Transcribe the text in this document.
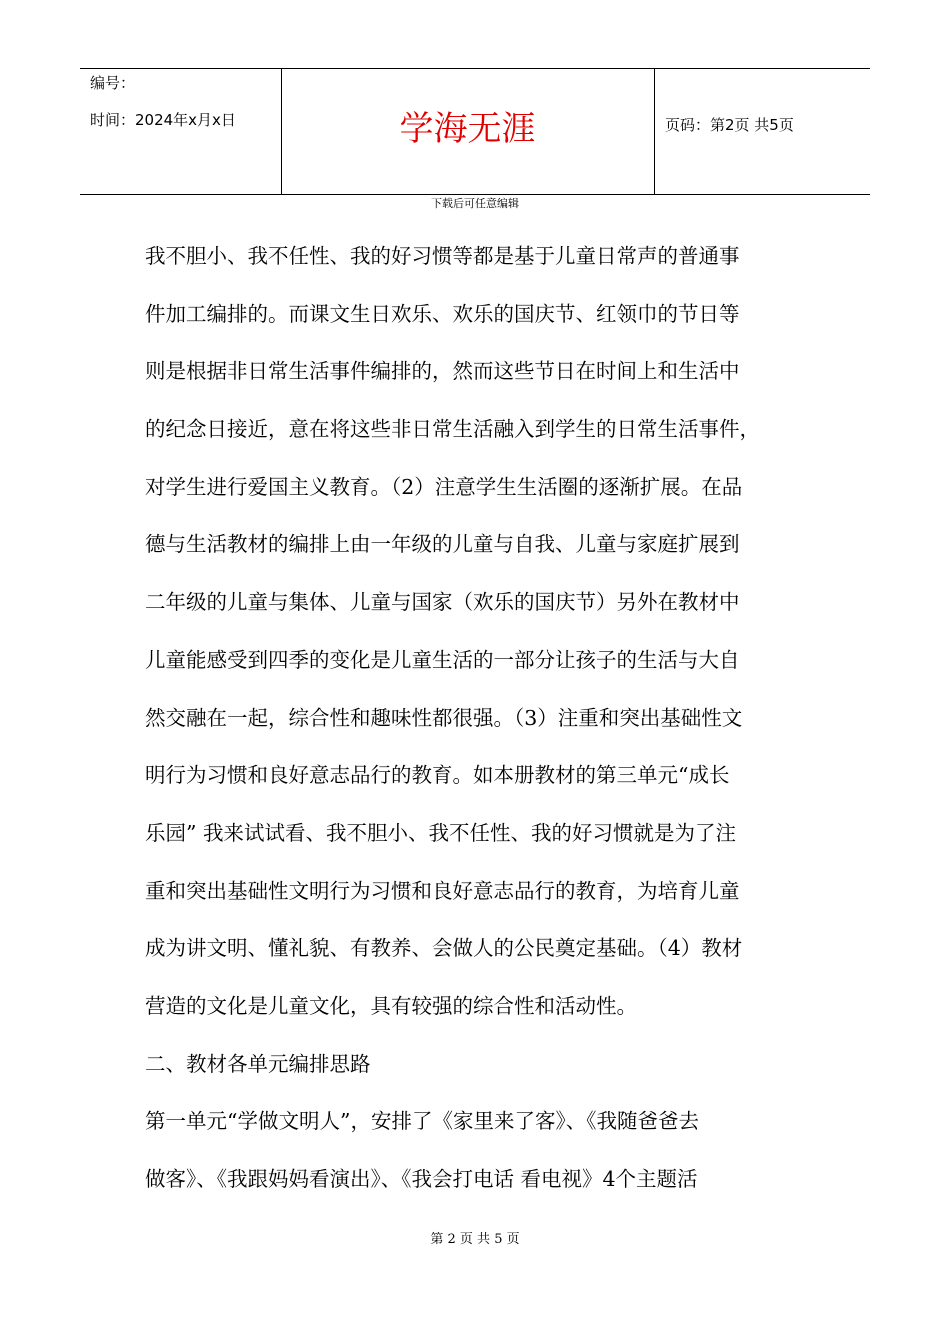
编号：
时间：2024年x月x日	学海无涯	页码：第2页 共5页
下载后可任意编辑
我不胆小、我不任性、我的好习惯等都是基于儿童日常声的普通事
件加工编排的。而课文生日欢乐、欢乐的国庆节、红领巾的节日等
则是根据非日常生活事件编排的，然而这些节日在时间上和生活中
的纪念日接近，意在将这些非日常生活融入到学生的日常生活事件，
对学生进行爱国主义教育。（2）注意学生生活圈的逐渐扩展。在品
德与生活教材的编排上由一年级的儿童与自我、儿童与家庭扩展到
二年级的儿童与集体、儿童与国家（欢乐的国庆节）另外在教材中
儿童能感受到四季的变化是儿童生活的一部分让孩子的生活与大自
然交融在一起，综合性和趣味性都很强。（3）注重和突出基础性文
明行为习惯和良好意志品行的教育。如本册教材的第三单元“成长
乐园” 我来试试看、我不胆小、我不任性、我的好习惯就是为了注
重和突出基础性文明行为习惯和良好意志品行的教育，为培育儿童
成为讲文明、懂礼貌、有教养、会做人的公民奠定基础。（4）教材
营造的文化是儿童文化，具有较强的综合性和活动性。
二、教材各单元编排思路
第一单元“学做文明人”，安排了《家里来了客》、《我随爸爸去
做客》、《我跟妈妈看演出》、《我会打电话 看电视》4个主题活
第 2 页 共 5 页
